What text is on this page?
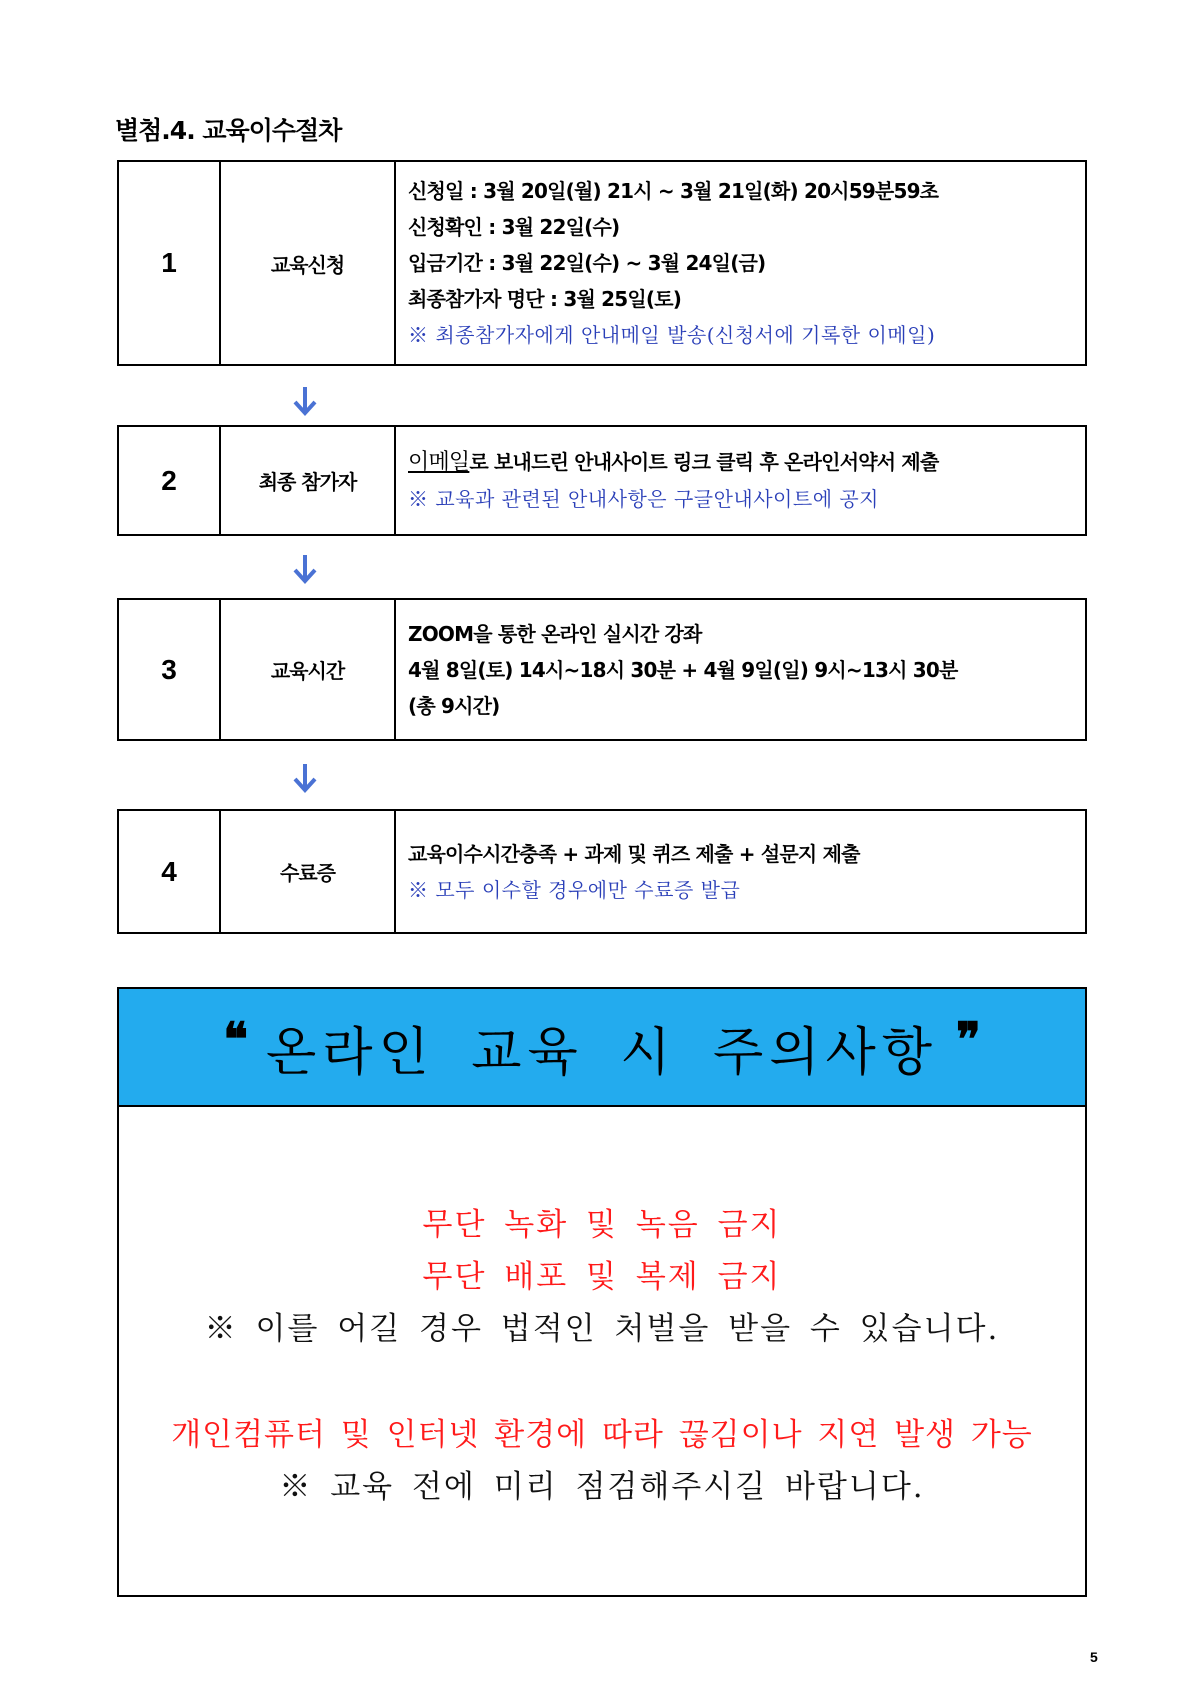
별첨.4. 교육이수절차
1	교육신청
신청일 : 3월 20일(월) 21시 ~ 3월 21일(화) 20시59분59초
신청확인 : 3월 22일(수)
입금기간 : 3월 22일(수) ~ 3월 24일(금)
최종참가자 명단 : 3월 25일(토)
※ 최종참가자에게 안내메일 발송(신청서에 기록한 이메일)
2	최종 참가자
이메일로 보내드린 안내사이트 링크 클릭 후 온라인서약서 제출
※ 교육과 관련된 안내사항은 구글안내사이트에 공지
3	교육시간
ZOOM을 통한 온라인 실시간 강좌
4월 8일(토) 14시~18시 30분 + 4월 9일(일) 9시~13시 30분
(총 9시간)
4	수료증
교육이수시간충족 + 과제 및 퀴즈 제출 + 설문지 제출
※ 모두 이수할 경우에만 수료증 발급
❝ 온라인 교육 시 주의사항 ❞
무단 녹화 및 녹음 금지
무단 배포 및 복제 금지
※ 이를 어길 경우 법적인 처벌을 받을 수 있습니다.
개인컴퓨터 및 인터넷 환경에 따라 끊김이나 지연 발생 가능
※ 교육 전에 미리 점검해주시길 바랍니다.
5
